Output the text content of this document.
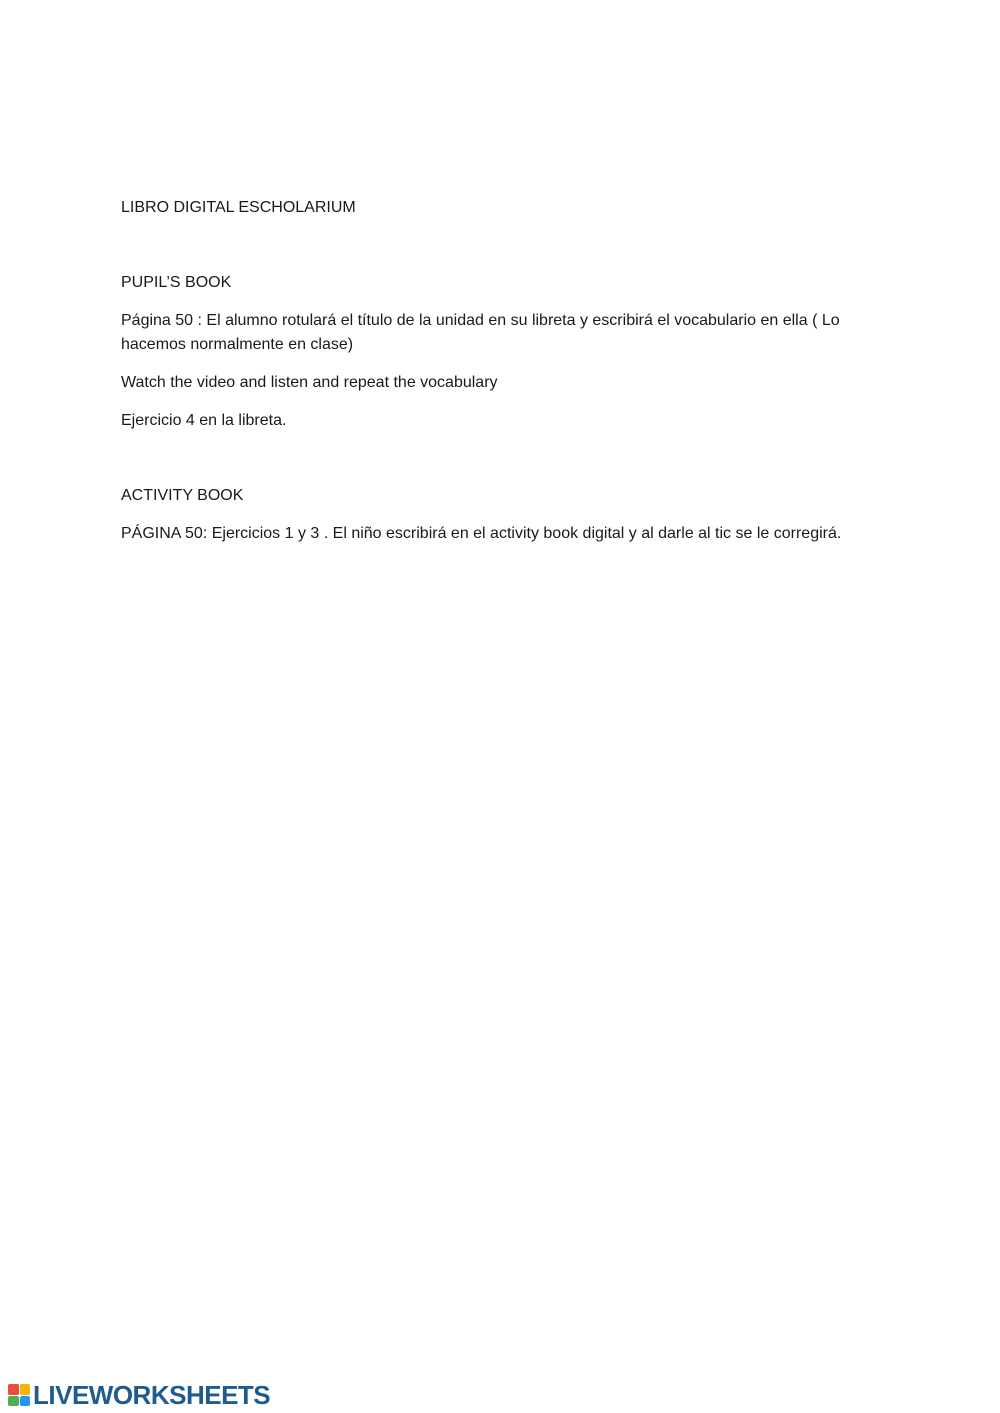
LIBRO DIGITAL ESCHOLARIUM

PUPIL’S BOOK

Página 50 : El alumno rotulará el título de la unidad en su libreta y escribirá el vocabulario en ella ( Lo hacemos normalmente en clase)

Watch the video and listen and repeat the vocabulary

Ejercicio 4 en la libreta.

ACTIVITY BOOK

PÁGINA 50: Ejercicios 1 y 3 . El niño escribirá en el activity book digital y al darle al tic se le corregirá.

LIVEWORKSHEETS
